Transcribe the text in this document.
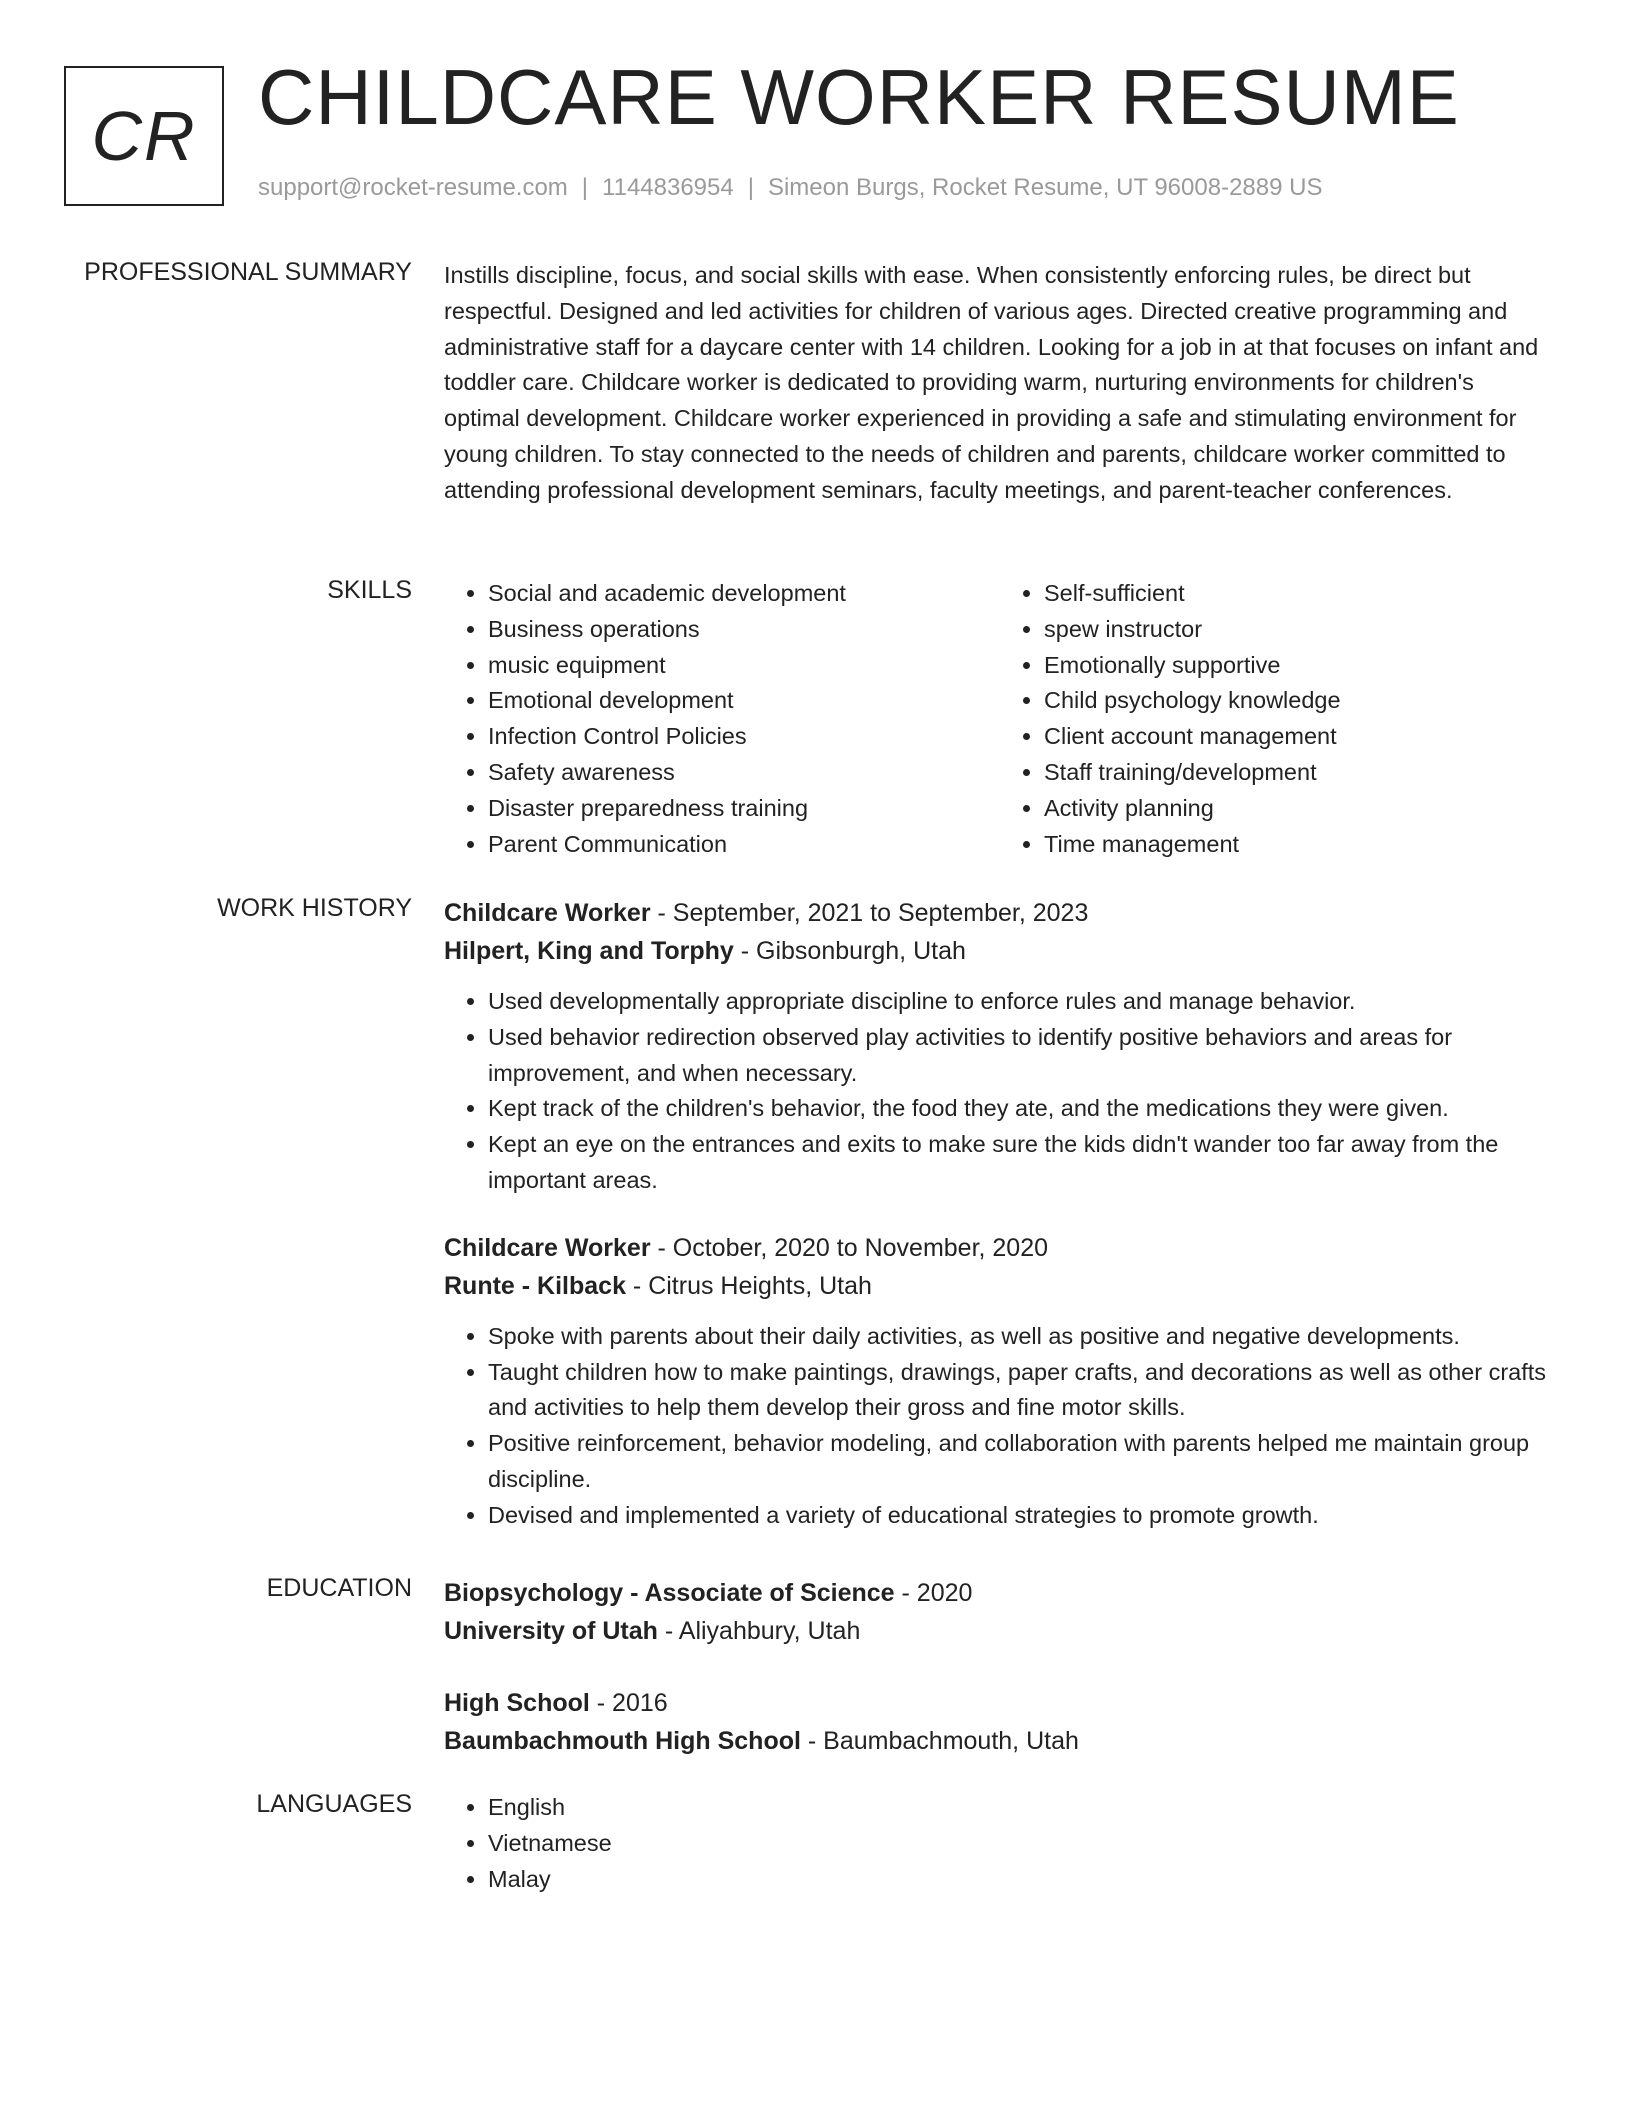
CR CHILDCARE WORKER RESUME
support@rocket-resume.com | 1144836954 | Simeon Burgs, Rocket Resume, UT 96008-2889 US
PROFESSIONAL SUMMARY Instills discipline, focus, and social skills with ease. When consistently enforcing rules, be direct but respectful. Designed and led activities for children of various ages. Directed creative programming and administrative staff for a daycare center with 14 children. Looking for a job in at that focuses on infant and toddler care. Childcare worker is dedicated to providing warm, nurturing environments for children's optimal development. Childcare worker experienced in providing a safe and stimulating environment for young children. To stay connected to the needs of children and parents, childcare worker committed to attending professional development seminars, faculty meetings, and parent-teacher conferences.

SKILLS	• Social and academic development
• Business operations
• music equipment
• Emotional development
• Infection Control Policies
• Safety awareness
• Disaster preparedness training
• Parent Communication
• Self-sufficient
• spew instructor
• Emotionally supportive
• Child psychology knowledge
• Client account management
• Staff training/development
• Activity planning
• Time management
WORK HISTORY Childcare Worker - September, 2021 to September, 2023
Hilpert, King and Torphy - Gibsonburgh, Utah
• Used developmentally appropriate discipline to enforce rules and manage behavior.
• Used behavior redirection observed play activities to identify positive behaviors and areas for improvement, and when necessary.
• Kept track of the children's behavior, the food they ate, and the medications they were given.
• Kept an eye on the entrances and exits to make sure the kids didn't wander too far away from the important areas.
Childcare Worker - October, 2020 to November, 2020
Runte - Kilback - Citrus Heights, Utah
• Spoke with parents about their daily activities, as well as positive and negative developments.
• Taught children how to make paintings, drawings, paper crafts, and decorations as well as other crafts and activities to help them develop their gross and fine motor skills.
• Positive reinforcement, behavior modeling, and collaboration with parents helped me maintain group discipline.
• Devised and implemented a variety of educational strategies to promote growth.
EDUCATION Biopsychology - Associate of Science - 2020
University of Utah - Aliyahbury, Utah
High School - 2016
Baumbachmouth High School - Baumbachmouth, Utah
LANGUAGES	• English
• Vietnamese
• Malay
